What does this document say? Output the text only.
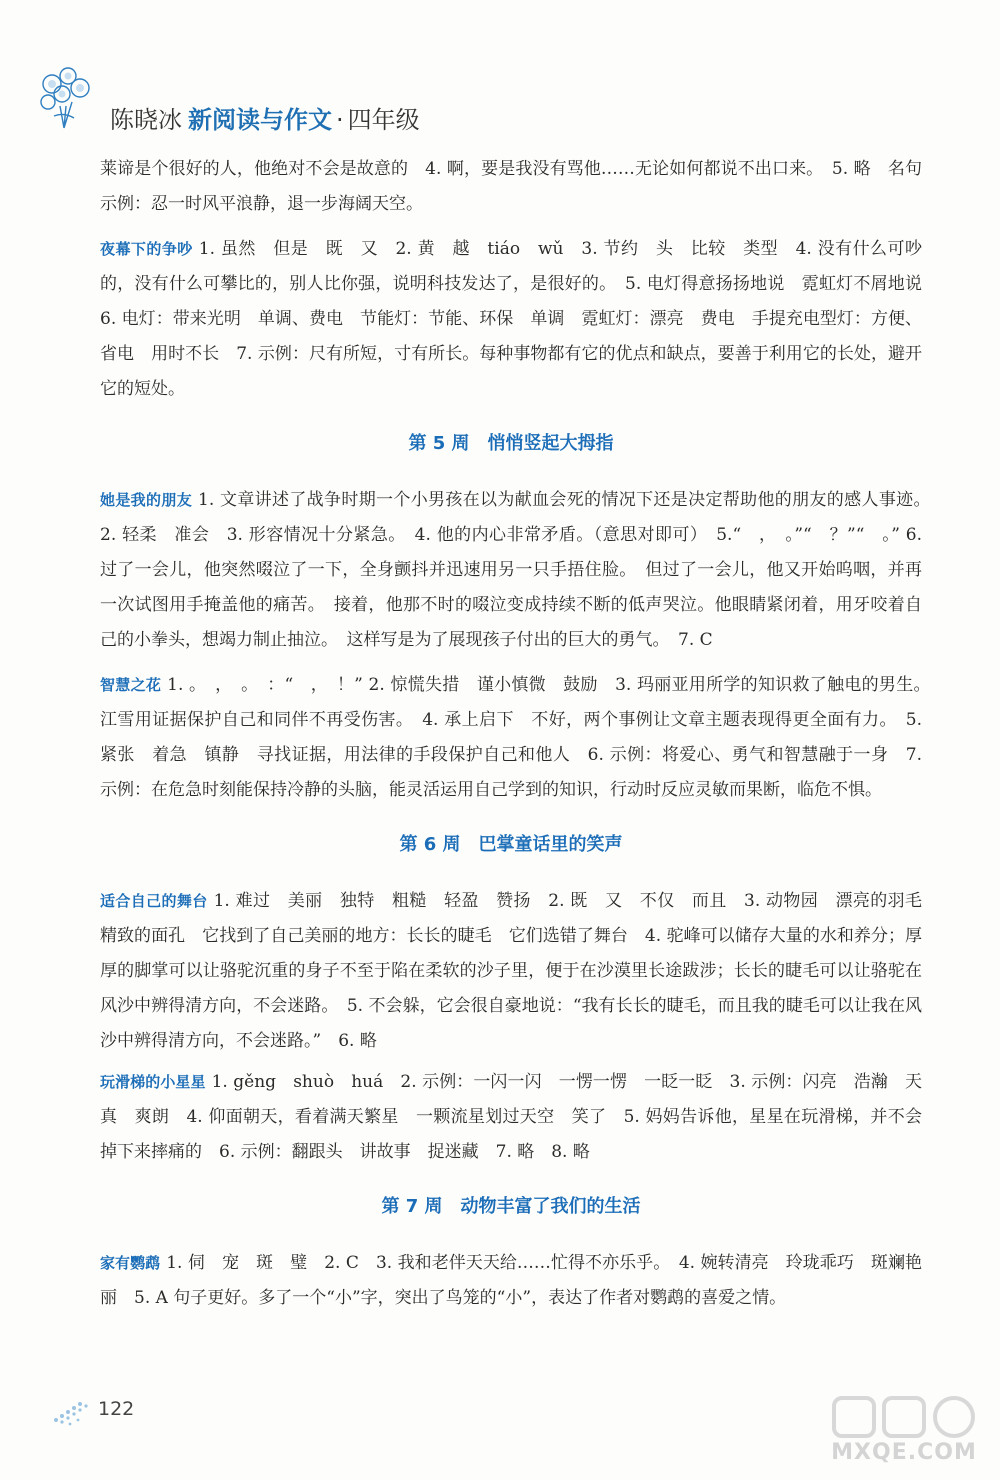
陈晓冰 新阅读与作文 · 四年级

莱谛是个很好的人，他绝对不会是故意的　4. 啊，要是我没有骂他……无论如何都说不出口来。　5. 略　名句示例：忍一时风平浪静，退一步海阔天空。

夜幕下的争吵 1. 虽然　但是　既　又　2. 黄　越　tiáo　wǔ　3. 节约　头　比较　类型　4. 没有什么可吵的，没有什么可攀比的，别人比你强，说明科技发达了，是很好的。　5. 电灯得意扬扬地说　霓虹灯不屑地说　6. 电灯：带来光明　单调、费电　节能灯：节能、环保　单调　霓虹灯：漂亮　费电　手提充电型灯：方便、省电　用时不长　7. 示例：尺有所短，寸有所长。每种事物都有它的优点和缺点，要善于利用它的长处，避开它的短处。

第 5 周 悄悄竖起大拇指

她是我的朋友 1. 文章讲述了战争时期一个小男孩在以为献血会死的情况下还是决定帮助他的朋友的感人事迹。　2. 轻柔　准会　3. 形容情况十分紧急。　4. 他的内心非常矛盾。（意思对即可）　5.“　，　。”“　？”“　。” 6. 过了一会儿，他突然啜泣了一下，全身颤抖并迅速用另一只手捂住脸。　但过了一会儿，他又开始呜咽，并再一次试图用手掩盖他的痛苦。　接着，他那不时的啜泣变成持续不断的低声哭泣。他眼睛紧闭着，用牙咬着自己的小拳头，想竭力制止抽泣。　这样写是为了展现孩子付出的巨大的勇气。　7. C

智慧之花 1. 。　，　。　：“　，　！” 2. 惊慌失措　谨小慎微　鼓励　3. 玛丽亚用所学的知识救了触电的男生。　江雪用证据保护自己和同伴不再受伤害。　4. 承上启下　不好，两个事例让文章主题表现得更全面有力。　5. 紧张　着急　镇静　寻找证据，用法律的手段保护自己和他人　6. 示例：将爱心、勇气和智慧融于一身　7. 示例：在危急时刻能保持冷静的头脑，能灵活运用自己学到的知识，行动时反应灵敏而果断，临危不惧。

第 6 周 巴掌童话里的笑声

适合自己的舞台 1. 难过　美丽　独特　粗糙　轻盈　赞扬　2. 既　又　不仅　而且　3. 动物园　漂亮的羽毛　精致的面孔　它找到了自己美丽的地方：长长的睫毛　它们选错了舞台　4. 驼峰可以储存大量的水和养分；厚厚的脚掌可以让骆驼沉重的身子不至于陷在柔软的沙子里，便于在沙漠里长途跋涉；长长的睫毛可以让骆驼在风沙中辨得清方向，不会迷路。　5. 不会躲，它会很自豪地说：“我有长长的睫毛，而且我的睫毛可以让我在风沙中辨得清方向，不会迷路。”　6. 略

玩滑梯的小星星 1. gěng　shuò　huá　2. 示例：一闪一闪　一愣一愣　一眨一眨　3. 示例：闪亮　浩瀚　天真　爽朗　4. 仰面朝天，看着满天繁星　一颗流星划过天空　笑了　5. 妈妈告诉他，星星在玩滑梯，并不会掉下来摔痛的　6. 示例：翻跟头　讲故事　捉迷藏　7. 略　8. 略

第 7 周 动物丰富了我们的生活

家有鹦鹉 1. 伺　宠　斑　璧　2. C　3. 我和老伴天天给……忙得不亦乐乎。　4. 婉转清亮　玲珑乖巧　斑斓艳丽　5. A 句子更好。多了一个“小”字，突出了鸟笼的“小”，表达了作者对鹦鹉的喜爱之情。

122
MXQE.COM
